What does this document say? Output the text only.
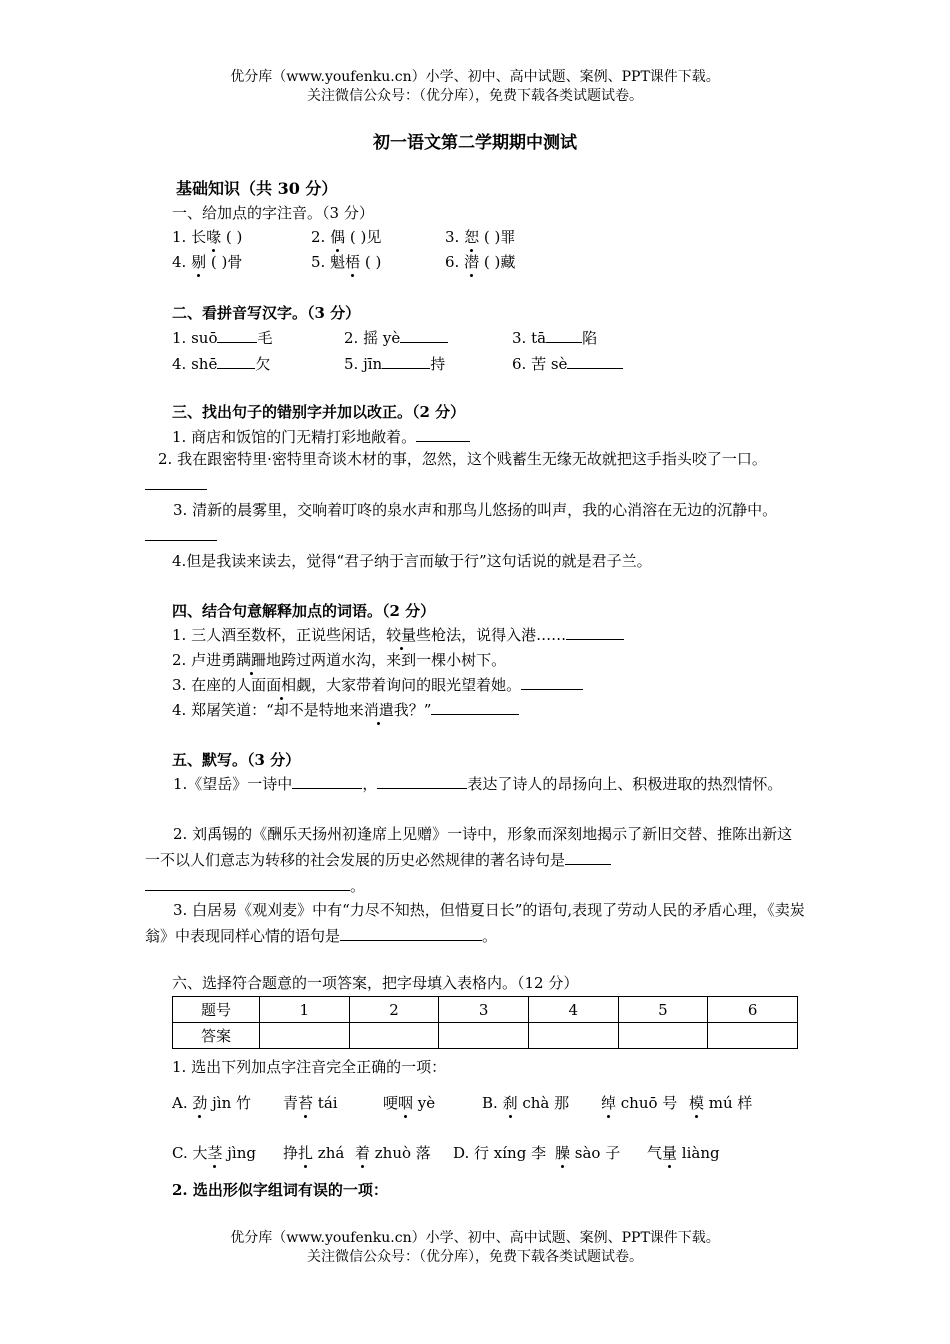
优分库（www.youfenku.cn）小学、初中、高中试题、案例、PPT课件下载。
关注微信公众号：（优分库），免费下载各类试题试卷。
初一语文第二学期期中测试
基础知识（共 30 分）
一、给加点的字注音。（3 分）
1. 长喙 ( )	2. 偶 ( )见	3. 恕 ( )罪
4. 剔 ( )骨	5. 魁梧 ( )	6. 潜 ( )藏
二、看拼音写汉字。（3 分）
1. suō	毛	2. 摇 yè	3. tā 陷
4. shē	欠	5. jīn	持	6. 苦 sè
三、找出句子的错别字并加以改正。（2 分）
1. 商店和饭馆的门无精打彩地敞着。
2. 我在跟密特里·密特里奇谈木材的事，忽然，这个贱蓄生无缘无故就把这手指头咬了一口。
3. 清新的晨雾里，交响着叮咚的泉水声和那鸟儿悠扬的叫声，我的心消溶在无边的沉静中。
4.但是我读来读去，觉得“君子纳于言而敏于行”这句话说的就是君子兰。
四、结合句意解释加点的词语。（2 分）
1. 三人酒至数杯，正说些闲话，较量些枪法，说得入港……
2. 卢进勇蹒跚地跨过两道水沟，来到一棵小树下。
3. 在座的人面面相觑，大家带着询问的眼光望着她。
4. 郑屠笑道：“却不是特地来消遣我？”
五、默写。（3 分）
1.《望岳》一诗中	，	表达了诗人的昂扬向上、积极进取的热烈情怀。
2. 刘禹锡的《酬乐天扬州初逢席上见赠》一诗中，形象而深刻地揭示了新旧交替、推陈出新这一不以人们意志为转移的社会发展的历史必然规律的著名诗句是
。
3. 白居易《观刈麦》中有“力尽不知热，但惜夏日长”的语句,表现了劳动人民的矛盾心理，《卖炭翁》中表现同样心情的语句是	。
六、选择符合题意的一项答案，把字母填入表格内。（12 分）
题号	1	2	3	4	5	6
答案						
1. 选出下列加点字注音完全正确的一项：
A. 劲 jìn 竹 青苔 tái	哽咽 yè	B. 刹 chà 那 绰 chuō 号 模 mú 样
C. 大茎 jìng 挣扎 zhá 着 zhuò 落 D. 行 xíng 李 臊 sào 子 气量 liàng
2. 选出形似字组词有误的一项：
优分库（www.youfenku.cn）小学、初中、高中试题、案例、PPT课件下载。
关注微信公众号：（优分库），免费下载各类试题试卷。
